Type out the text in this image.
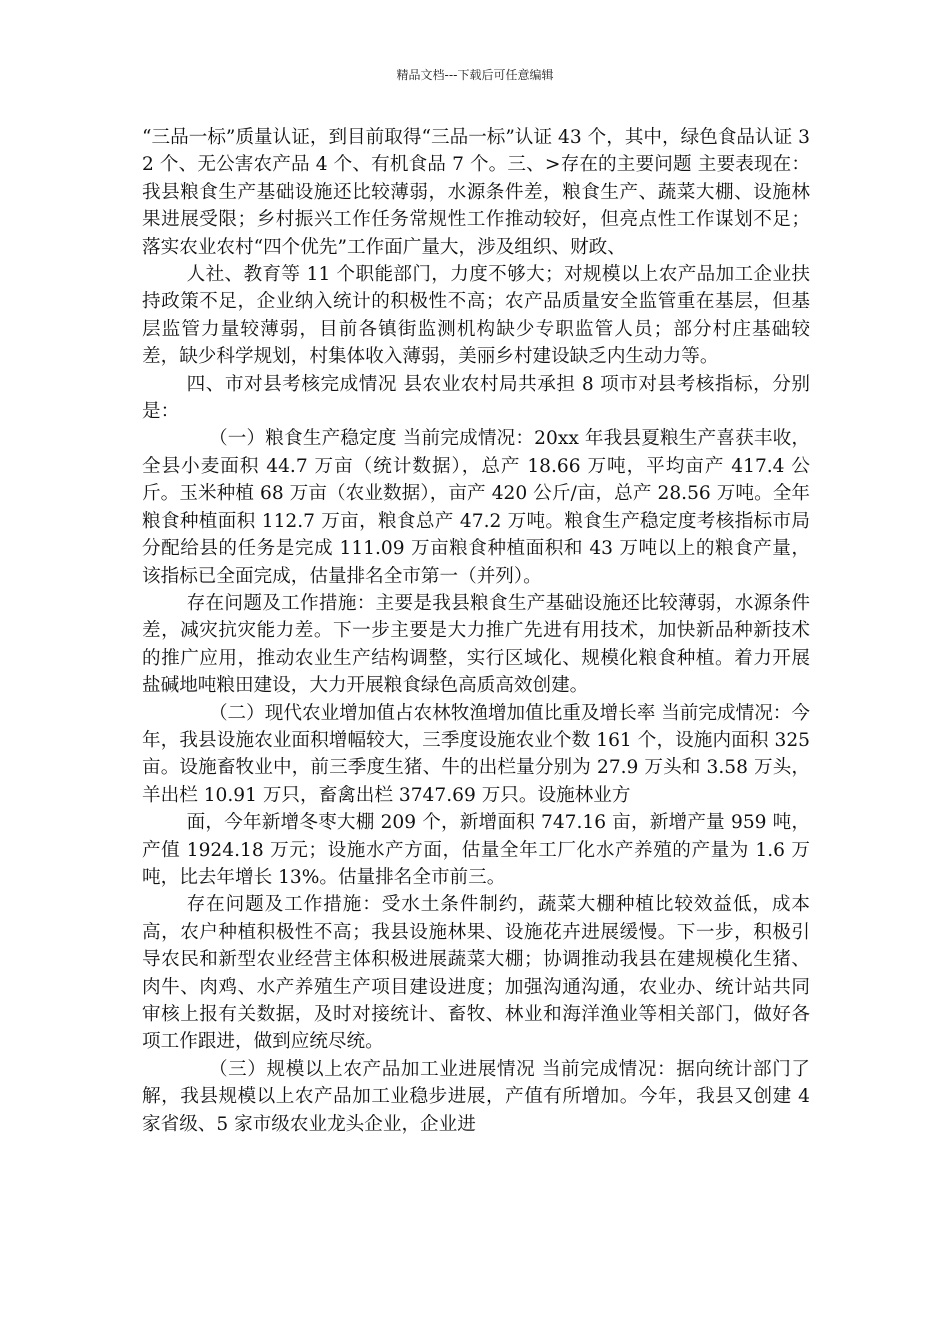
精品文档---下载后可任意编辑

“三品一标”质量认证，到目前取得“三品一标”认证 43 个，其中，绿色食品认证 32 个、无公害农产品 4 个、有机食品 7 个。三、>存在的主要问题 主要表现在：我县粮食生产基础设施还比较薄弱，水源条件差，粮食生产、蔬菜大棚、设施林果进展受限；乡村振兴工作任务常规性工作推动较好，但亮点性工作谋划不足；落实农业农村“四个优先”工作面广量大，涉及组织、财政、

人社、教育等 11 个职能部门，力度不够大；对规模以上农产品加工企业扶持政策不足，企业纳入统计的积极性不高；农产品质量安全监管重在基层，但基层监管力量较薄弱，目前各镇街监测机构缺少专职监管人员；部分村庄基础较差，缺少科学规划，村集体收入薄弱，美丽乡村建设缺乏内生动力等。

四、市对县考核完成情况 县农业农村局共承担 8 项市对县考核指标，分别是：

（一）粮食生产稳定度 当前完成情况：20xx 年我县夏粮生产喜获丰收，全县小麦面积 44.7 万亩（统计数据），总产 18.66 万吨，平均亩产 417.4 公斤。玉米种植 68 万亩（农业数据），亩产 420 公斤/亩，总产 28.56 万吨。全年粮食种植面积 112.7 万亩，粮食总产 47.2 万吨。粮食生产稳定度考核指标市局分配给县的任务是完成 111.09 万亩粮食种植面积和 43 万吨以上的粮食产量，该指标已全面完成，估量排名全市第一（并列）。

存在问题及工作措施：主要是我县粮食生产基础设施还比较薄弱，水源条件差，减灾抗灾能力差。下一步主要是大力推广先进有用技术，加快新品种新技术的推广应用，推动农业生产结构调整，实行区域化、规模化粮食种植。着力开展盐碱地吨粮田建设，大力开展粮食绿色高质高效创建。

（二）现代农业增加值占农林牧渔增加值比重及增长率 当前完成情况：今年，我县设施农业面积增幅较大，三季度设施农业个数 161 个，设施内面积 325 亩。设施畜牧业中，前三季度生猪、牛的出栏量分别为 27.9 万头和 3.58 万头，羊出栏 10.91 万只，畜禽出栏 3747.69 万只。设施林业方

面，今年新增冬枣大棚 209 个，新增面积 747.16 亩，新增产量 959 吨，产值 1924.18 万元；设施水产方面，估量全年工厂化水产养殖的产量为 1.6 万吨，比去年增长 13%。估量排名全市前三。

存在问题及工作措施：受水土条件制约，蔬菜大棚种植比较效益低，成本高，农户种植积极性不高；我县设施林果、设施花卉进展缓慢。下一步，积极引导农民和新型农业经营主体积极进展蔬菜大棚；协调推动我县在建规模化生猪、肉牛、肉鸡、水产养殖生产项目建设进度；加强沟通沟通，农业办、统计站共同审核上报有关数据，及时对接统计、畜牧、林业和海洋渔业等相关部门，做好各项工作跟进，做到应统尽统。

（三）规模以上农产品加工业进展情况 当前完成情况：据向统计部门了解，我县规模以上农产品加工业稳步进展，产值有所增加。今年，我县又创建 4 家省级、5 家市级农业龙头企业，企业进
